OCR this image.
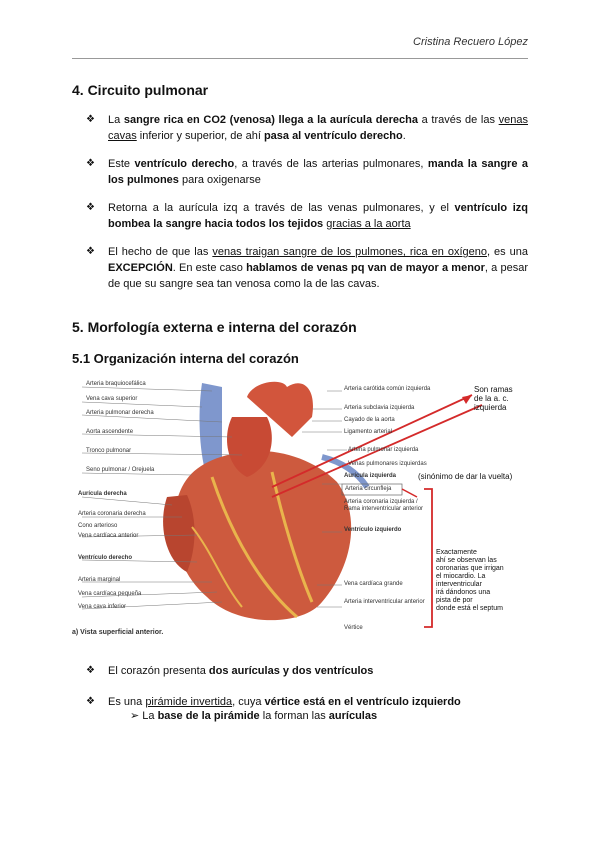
Cristina Recuero López
4. Circuito pulmonar
❖ La sangre rica en CO2 (venosa) llega a la aurícula derecha a través de las venas cavas inferior y superior, de ahí pasa al ventrículo derecho.
❖ Este ventrículo derecho, a través de las arterias pulmonares, manda la sangre a los pulmones para oxigenarse
❖ Retorna a la aurícula izq a través de las venas pulmonares, y el ventrículo izq bombea la sangre hacia todos los tejidos gracias a la aorta
❖ El hecho de que las venas traigan sangre de los pulmones, rica en oxígeno, es una EXCEPCIÓN. En este caso hablamos de venas pq van de mayor a menor, a pesar de que su sangre sea tan venosa como la de las cavas.
5. Morfología externa e interna del corazón
5.1 Organización interna del corazón
Arteria braquiocefálica
Vena cava superior
Arteria pulmonar derecha
Aorta ascendente
Tronco pulmonar
Seno pulmonar / Orejuela
Aurícula derecha
Arteria coronaria derecha
Cono arterioso
Vena cardíaca anterior
Ventrículo derecho
Arteria marginal
Vena cardíaca pequeña
Vena cava inferior
Arteria carótida común izquierda
Arteria subclavia izquierda
Cayado de la aorta
Ligamento arterial
Arteria pulmonar izquierda
Venas pulmonares izquierdas
Aurícula izquierda
Arteria circunfleja
Arteria coronaria izquierda / Rama interventricular anterior
Ventrículo izquierdo
Vena cardíaca grande
Arteria interventricular anterior
Vértice
a) Vista superficial anterior.
Son ramas
de la a. c.
izquierda
(sinónimo de dar la vuelta)
Exactamente
ahí se observan las
coronarias que irrigan
el miocardio. La
interventricular
irá dándonos una
pista de por
donde está el septum
❖ El corazón presenta dos aurículas y dos ventrículos
❖ Es una pirámide invertida, cuya vértice está en el ventrículo izquierdo
➢ La base de la pirámide la forman las aurículas
